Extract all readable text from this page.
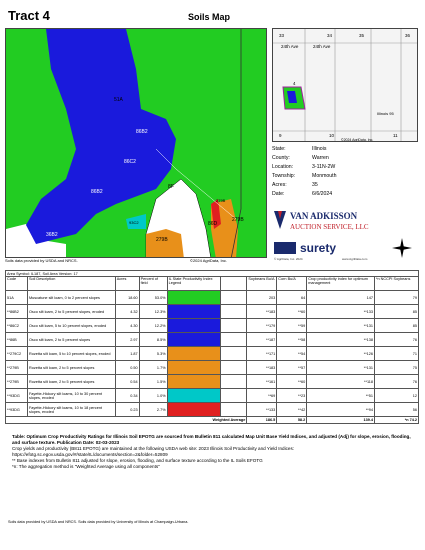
Tract 4	Soils Map
51A
86B2
86C2
86B2
8F
279B
36B2
279B
86D
279B
93C2
Soils data provided by USDA and NRCS.	©2024 AgriData, Inc.
33	34	35	36
24th Ave	24th Ave
Illinois 95
4
9	10	11
©2024 AgriData, Inc.
State:	Illinois
County:	Warren
Location:	3-11N-2W
Township:	Monmouth
Acres:	35
Date:	6/6/2024
VAN ADKISSON
AUCTION SERVICE, LLC
surety
© AgriData, Inc. 2024	www.AgriData.com
Area Symbol: IL187, Soil Area Version: 17									
Code	Soil Description	Acres	Percent of field	IL State Productivity Index Legend		Soybeans Bu/A	Corn Bu/A	Crop productivity index for optimum management	*n NCCPI Soybeans
51A	Muscatune silt loam, 0 to 2 percent slopes	18.60	53.0%			203	64	147	79
**86B2	Osco silt loam, 2 to 5 percent slopes, eroded	4.32	12.3%			**183	**60	**133	85
**86C2	Osco silt loam, 5 to 10 percent slopes, eroded	4.30	12.2%			**179	**59	**131	85
**86B	Osco silt loam, 2 to 5 percent slopes	2.97	8.5%			**187	**58	**138	76
**279C2	Rozetta silt loam, 5 to 10 percent slopes, eroded	1.87	5.3%			**171	**54	**126	71
**279B	Rozetta silt loam, 2 to 5 percent slopes	0.50	1.7%			**183	**57	**131	75
**279B	Rozetta silt loam, 2 to 5 percent slopes	0.54	1.5%			**161	**60	**118	76
**93DG	Fayette-Hickory silt loams, 10 to 30 percent slopes, eroded	0.34	1.0%			**69	**23	**51	12
**93DG	Fayette-Hickory silt loams, 10 to 18 percent slopes, eroded	0.23	2.7%			**133	**42	**94	56
Weighted Average						186.5	58.2	139.4	*n 74.2
Table: Optimum Crop Productivity Ratings for Illinois Soil EPOTG are sourced from Bulletin 811 calculated Map Unit Base Yield Indices, and adjusted (Adj) for slope, erosion, flooding, and surface texture. Publication Date: 02-03-2023
Crop yields and productivity (B811 EPOTG) are maintained at the following USDA web site: 2023 Illinois Soil Productivity and Yield Indices:
https://efotg.sc.egov.usda.gov/#/state/IL/documents/section=2&folder=52809
** Base indexes from Bulletin 811 adjusted for slope, erosion, flooding, and surface texture according to the IL Soils EFOTG
*n: The aggregation method is "Weighted Average using all components"
Soils data provided by USDA and NRCS. Soils data provided by University of Illinois at Champaign-Urbana.
